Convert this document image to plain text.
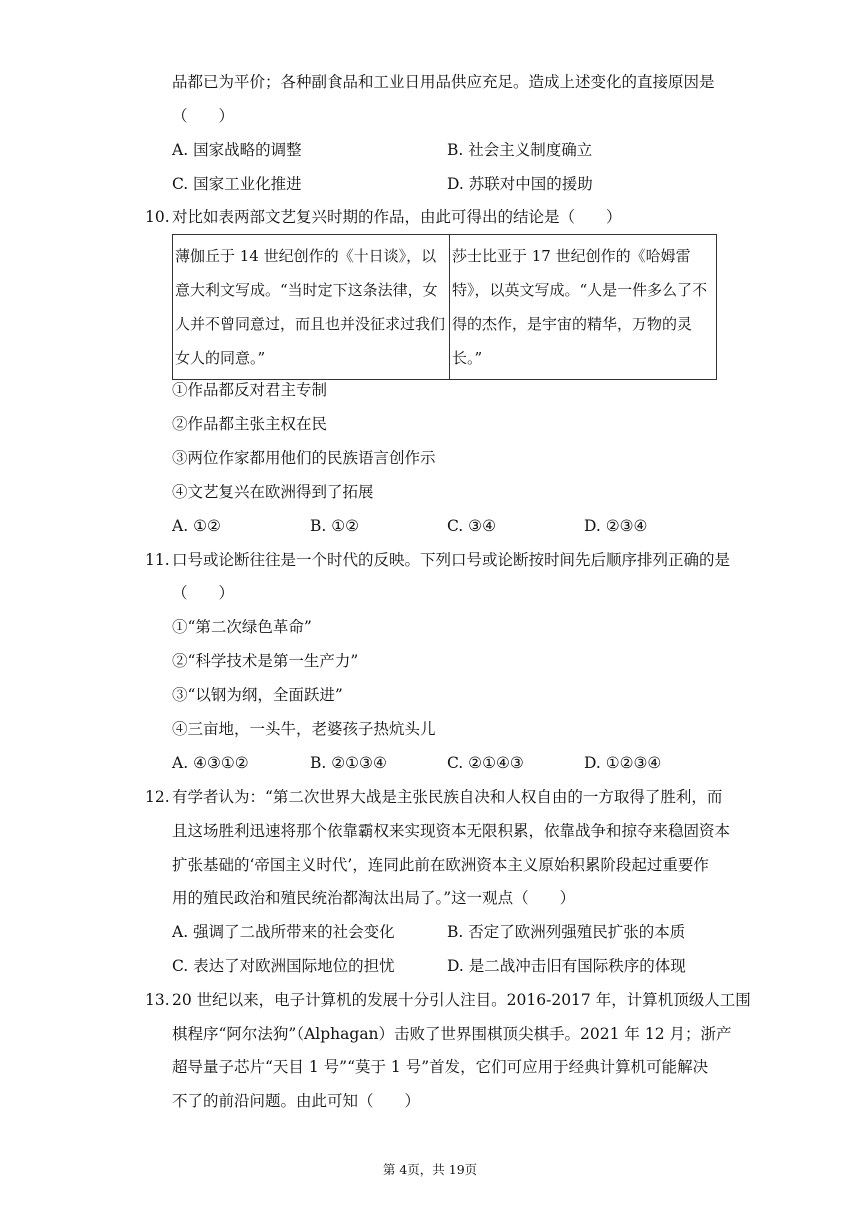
品都已为平价；各种副食品和工业日用品供应充足。造成上述变化的直接原因是
（　　）
A. 国家战略的调整	B. 社会主义制度确立
C. 国家工业化推进	D. 苏联对中国的援助
10. 对比如表两部文艺复兴时期的作品，由此可得出的结论是（　　）
薄伽丘于 14 世纪创作的《十日谈》，以意大利文写成。“当时定下这条法律，女人并不曾同意过，而且也并没征求过我们女人的同意。”	莎士比亚于 17 世纪创作的《哈姆雷特》，以英文写成。“人是一件多么了不得的杰作，是宇宙的精华，万物的灵长。”
①作品都反对君主专制
②作品都主张主权在民
③两位作家都用他们的民族语言创作示
④文艺复兴在欧洲得到了拓展
A. ①②	B. ①②	C. ③④	D. ②③④
11. 口号或论断往往是一个时代的反映。下列口号或论断按时间先后顺序排列正确的是
（　　）
①“第二次绿色革命”
②“科学技术是第一生产力”
③“以钢为纲，全面跃进”
④三亩地，一头牛，老婆孩子热炕头儿
A. ④③①②	B. ②①③④	C. ②①④③	D. ①②③④
12. 有学者认为：“第二次世界大战是主张民族自决和人权自由的一方取得了胜利，而
且这场胜利迅速将那个依靠霸权来实现资本无限积累，依靠战争和掠夺来稳固资本
扩张基础的‘帝国主义时代’，连同此前在欧洲资本主义原始积累阶段起过重要作
用的殖民政治和殖民统治都淘汰出局了。”这一观点（　　）
A. 强调了二战所带来的社会变化	B. 否定了欧洲列强殖民扩张的本质
C. 表达了对欧洲国际地位的担忧	D. 是二战冲击旧有国际秩序的体现
13. 20 世纪以来，电子计算机的发展十分引人注目。2016-2017 年，计算机顶级人工围
棋程序“阿尔法狗”（Alphagan）击败了世界围棋顶尖棋手。2021 年 12 月；浙产
超导量子芯片“天目 1 号”“莫于 1 号”首发，它们可应用于经典计算机可能解决
不了的前沿问题。由此可知（　　）
第 4页，共 19页
